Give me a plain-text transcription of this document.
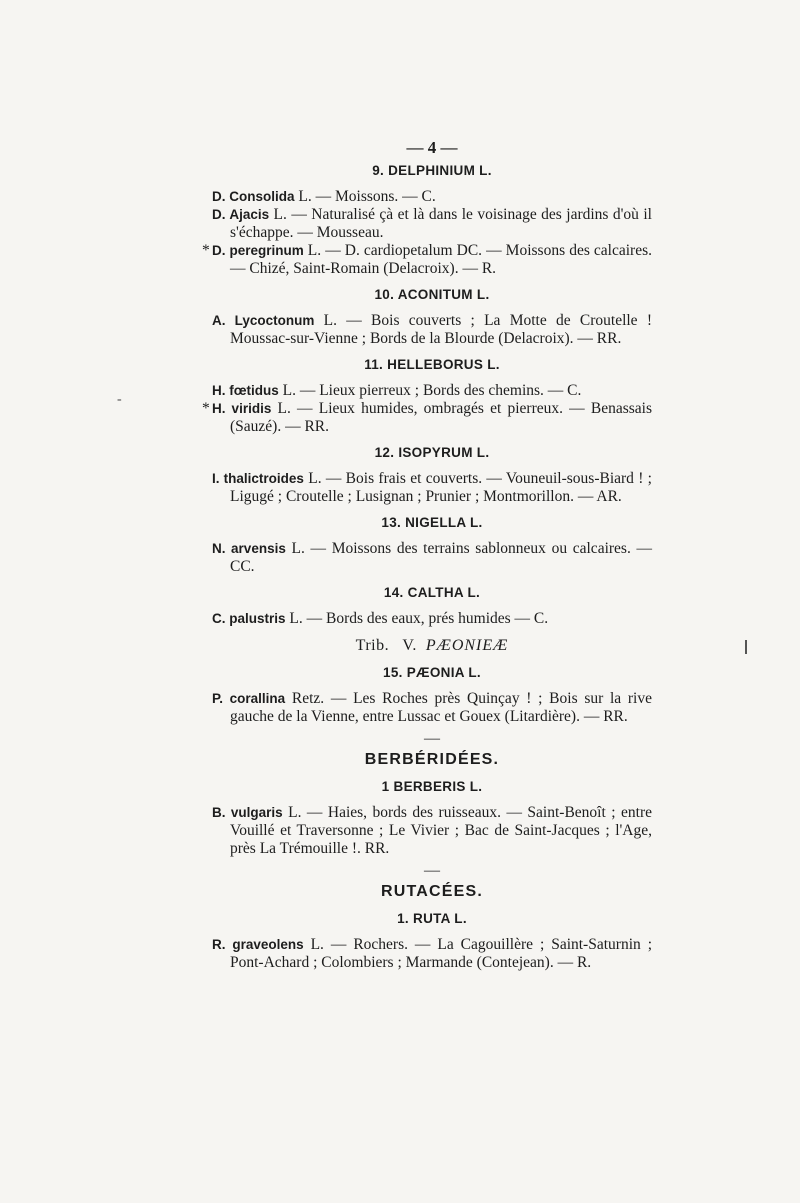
-
— 4 —
9. DELPHINIUM L.
D. Consolida L. — Moissons. — C.
D. Ajacis L. — Naturalisé çà et là dans le voisinage des jardins d'où il s'échappe. — Mousseau.
* D. peregrinum L. — D. cardiopetalum DC. — Moissons des calcaires. — Chizé, Saint-Romain (Delacroix). — R.
10. ACONITUM L.
A. Lycoctonum L. — Bois couverts ; La Motte de Croutelle ! Moussac-sur-Vienne ; Bords de la Blourde (Delacroix). — RR.
11. HELLEBORUS L.
H. fœtidus L. — Lieux pierreux ; Bords des chemins. — C.
* H. viridis L. — Lieux humides, ombragés et pierreux. — Benassais (Sauzé). — RR.
12. ISOPYRUM L.
I. thalictroides L. — Bois frais et couverts. — Vouneuil-sous-Biard ! ; Ligugé ; Croutelle ; Lusignan ; Prunier ; Montmorillon. — AR.
13. NIGELLA L.
N. arvensis L. — Moissons des terrains sablonneux ou calcaires. — CC.
14. CALTHA L.
C. palustris L. — Bords des eaux, prés humides — C.
Trib.   V.  PÆONIEÆ
15. PÆONIA L.
P. corallina Retz. — Les Roches près Quinçay ! ; Bois sur la rive gauche de la Vienne, entre Lussac et Gouex (Litardière). — RR.
—
BERBÉRIDÉES.
1 BERBERIS L.
B. vulgaris L. — Haies, bords des ruisseaux. — Saint-Benoît ; entre Vouillé et Traversonne ; Le Vivier ; Bac de Saint-Jacques ; l'Age, près La Trémouille !. RR.
—
RUTACÉES.
1. RUTA L.
R. graveolens L. — Rochers. — La Cagouillère ; Saint-Saturnin ; Pont-Achard ; Colombiers ; Marmande (Contejean). — R.
